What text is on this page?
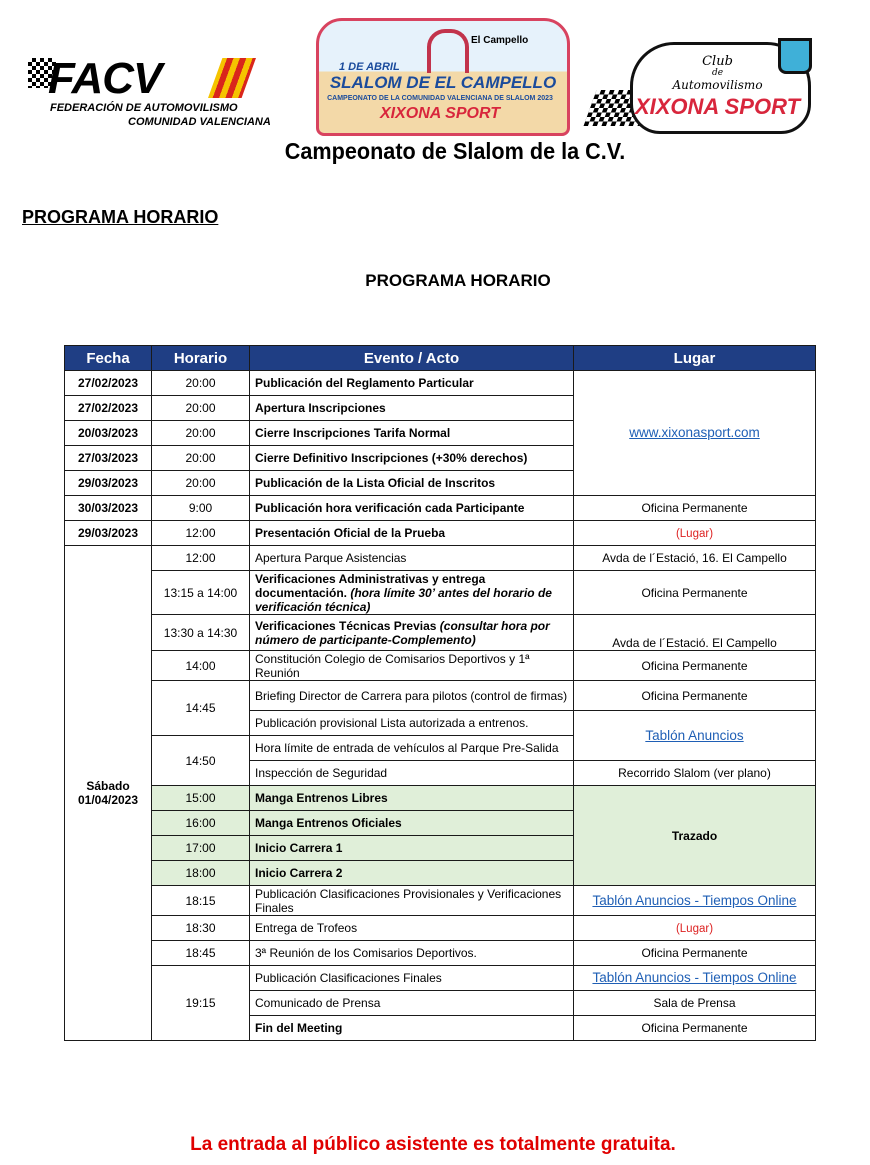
FACV
FEDERACIÓN DE AUTOMOVILISMO
COMUNIDAD VALENCIANA
El Campello
1 DE ABRIL
SLALOM DE EL CAMPELLO
CAMPEONATO DE LA COMUNIDAD VALENCIANA DE SLALOM 2023
XIXONA SPORT
Club
de
Automovilismo
XIXONA SPORT
Campeonato de Slalom de la C.V.
PROGRAMA HORARIO
PROGRAMA HORARIO
Fecha	Horario	Evento / Acto	Lugar
27/02/2023	20:00	Publicación del Reglamento Particular	www.xixonasport.com
27/02/2023	20:00	Apertura Inscripciones	
20/03/2023	20:00	Cierre Inscripciones Tarifa Normal	
27/03/2023	20:00	Cierre Definitivo Inscripciones (+30% derechos)	
29/03/2023	20:00	Publicación de la Lista Oficial de Inscritos	
30/03/2023	9:00	Publicación hora verificación cada Participante	Oficina Permanente
29/03/2023	12:00	Presentación Oficial de la Prueba	(Lugar)

Sábado
01/04/2023	12:00	Apertura Parque Asistencias	Avda de l´Estació, 16. El Campello
	13:15 a 14:00	Verificaciones Administrativas y entrega documentación. (hora límite 30’ antes del horario de verificación técnica)	Oficina Permanente
	13:30 a 14:30	Verificaciones Técnicas Previas (consultar hora por número de participante-Complemento)	Avda de l´Estació. El Campello
	14:00	Constitución Colegio de Comisarios Deportivos y 1ª Reunión	Oficina Permanente
	14:45	Briefing Director de Carrera para pilotos (control de firmas)	Oficina Permanente
		Publicación provisional Lista autorizada a entrenos.	Tablón Anuncios
	14:50	Hora límite de entrada de vehículos al Parque Pre-Salida	
		Inspección de Seguridad	Recorrido Slalom (ver plano)
	15:00	Manga Entrenos Libres	Trazado
	16:00	Manga Entrenos Oficiales	
	17:00	Inicio Carrera 1	
	18:00	Inicio Carrera 2	
	18:15	Publicación Clasificaciones Provisionales y Verificaciones Finales	Tablón Anuncios - Tiempos Online
	18:30	Entrega de Trofeos	(Lugar)
	18:45	3ª Reunión de los Comisarios Deportivos.	Oficina Permanente
	19:15	Publicación Clasificaciones Finales	Tablón Anuncios - Tiempos Online
		Comunicado de Prensa	Sala de Prensa
		Fin del Meeting	Oficina Permanente
La entrada al público asistente es totalmente gratuita.
